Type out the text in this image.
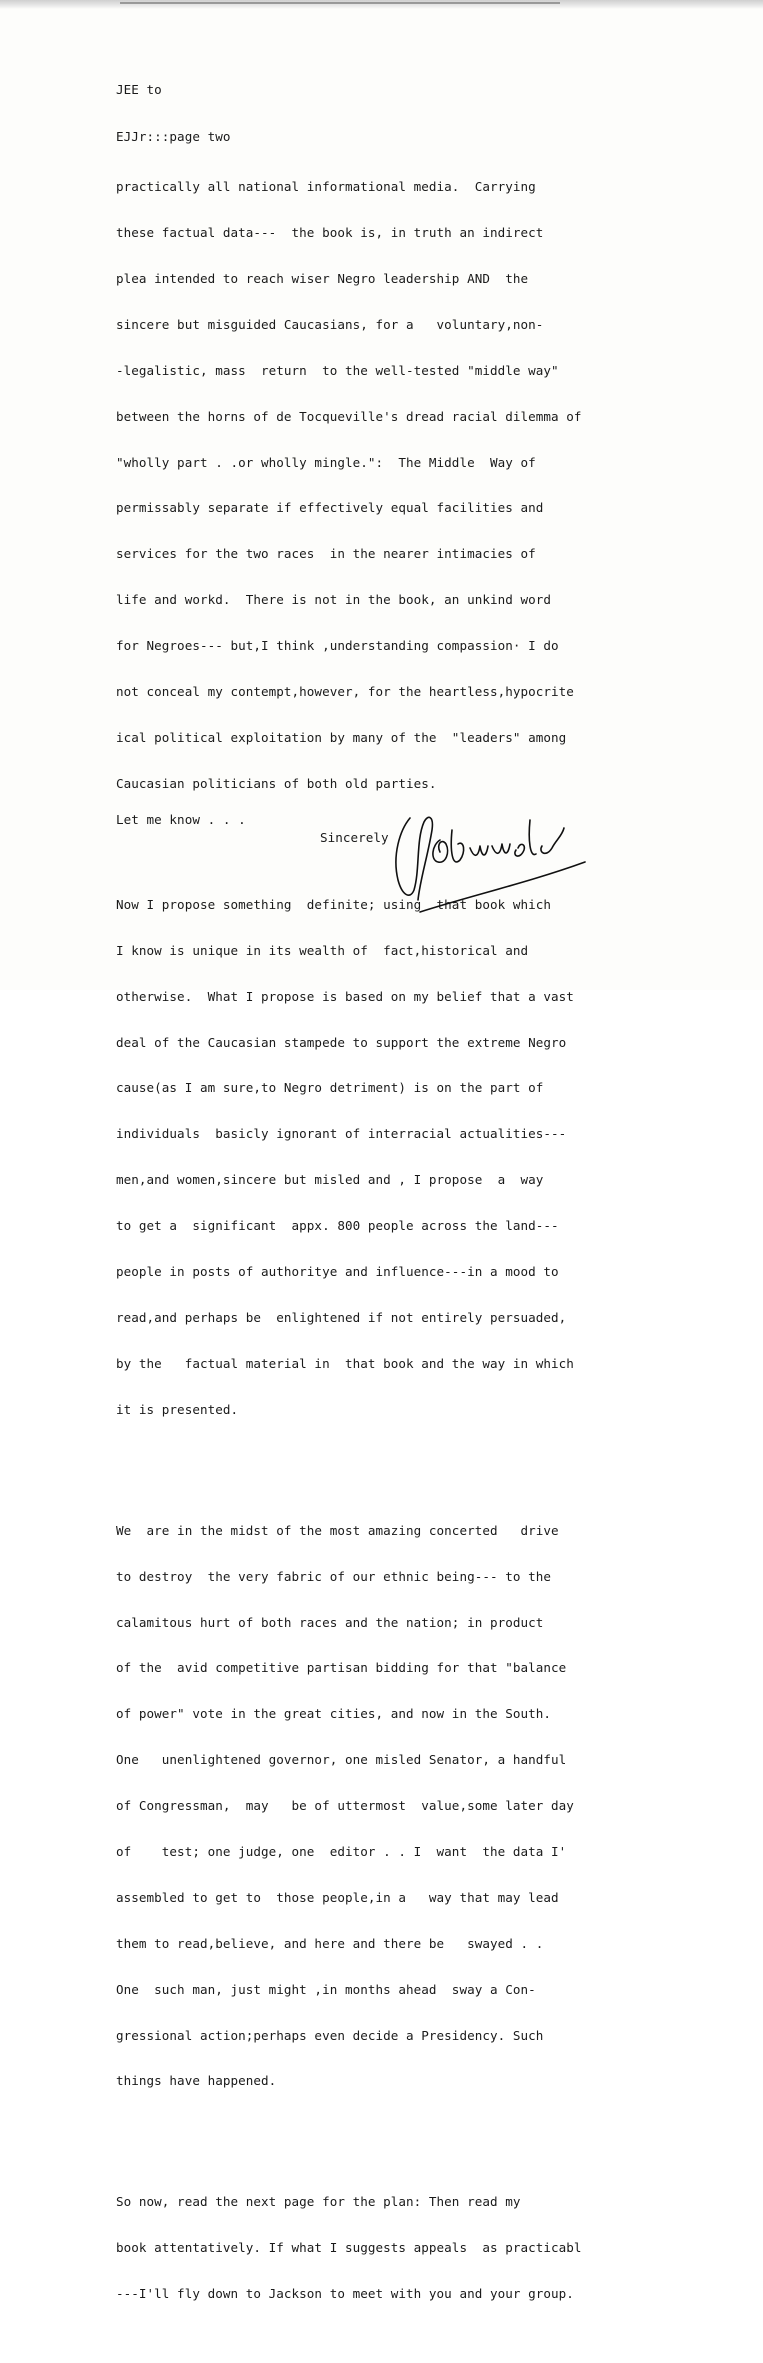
JEE to

EJJr:::page two

practically all national informational media.  Carrying

these factual data---  the book is, in truth an indirect

plea intended to reach wiser Negro leadership AND  the

sincere but misguided Caucasians, for a   voluntary,non-

-legalistic, mass  return  to the well-tested "middle way"

between the horns of de Tocqueville's dread racial dilemma of

"wholly part . .or wholly mingle.":  The Middle  Way of

permissably separate if effectively equal facilities and

services for the two races  in the nearer intimacies of

life and workd.  There is not in the book, an unkind word

for Negroes--- but,I think ,understanding compassion· I do

not conceal my contempt,however, for the heartless,hypocrite

ical political exploitation by many of the  "leaders" among

Caucasian politicians of both old parties.

Now I propose something  definite; using  that book which

I know is unique in its wealth of  fact,historical and

otherwise.  What I propose is based on my belief that a vast

deal of the Caucasian stampede to support the extreme Negro

cause(as I am sure,to Negro detriment) is on the part of

individuals  basicly ignorant of interracial actualities---

men,and women,sincere but misled and , I propose  a  way

to get a  significant  appx. 800 people across the land---

people in posts of authoritye and influence---in a mood to

read,and perhaps be  enlightened if not entirely persuaded,

by the   factual material in  that book and the way in which

it is presented.

We  are in the midst of the most amazing concerted   drive

to destroy  the very fabric of our ethnic being--- to the

calamitous hurt of both races and the nation; in product

of the  avid competitive partisan bidding for that "balance

of power" vote in the great cities, and now in the South.

One   unenlightened governor, one misled Senator, a handful

of Congressman,  may   be of uttermost  value,some later day

of    test; one judge, one  editor . . I  want  the data I'

assembled to get to  those people,in a   way that may lead

them to read,believe, and here and there be   swayed . .

One  such man, just might ,in months ahead  sway a Con-

gressional action;perhaps even decide a Presidency. Such

things have happened.

So now, read the next page for the plan: Then read my

book attentatively. If what I suggests appeals  as practicabl

---I'll fly down to Jackson to meet with you and your group.

Let me know . . .
Sincerely
